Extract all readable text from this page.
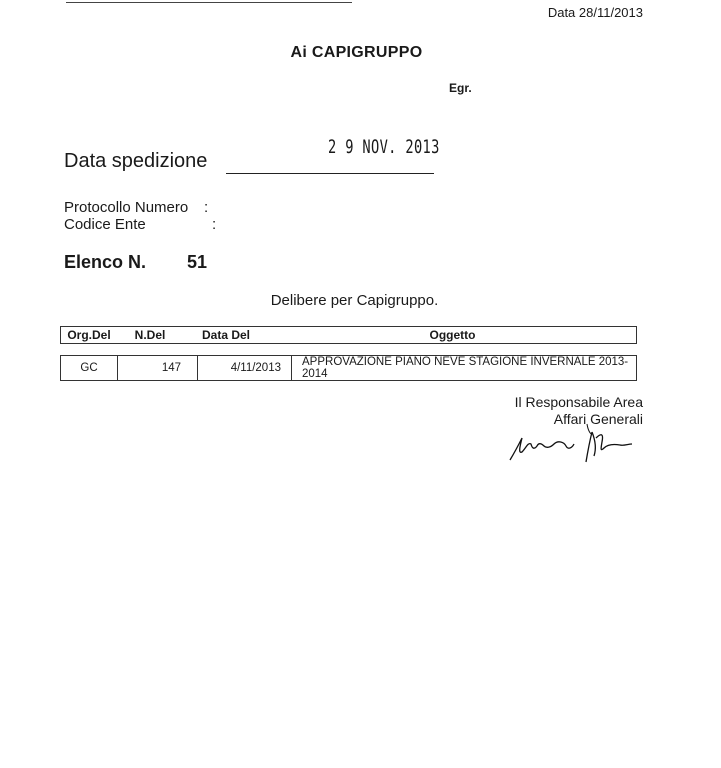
Data 28/11/2013
Ai CAPIGRUPPO
Egr.
2 9 NOV. 2013
Data spedizione
Protocollo Numero :
Codice Ente	:
Elenco N. 51
Delibere per Capigruppo.
Org.Del	N.Del	Data Del	Oggetto
GC	147	4/11/2013	APPROVAZIONE PIANO NEVE STAGIONE INVERNALE 2013-2014
Il Responsabile Area
Affari Generali
